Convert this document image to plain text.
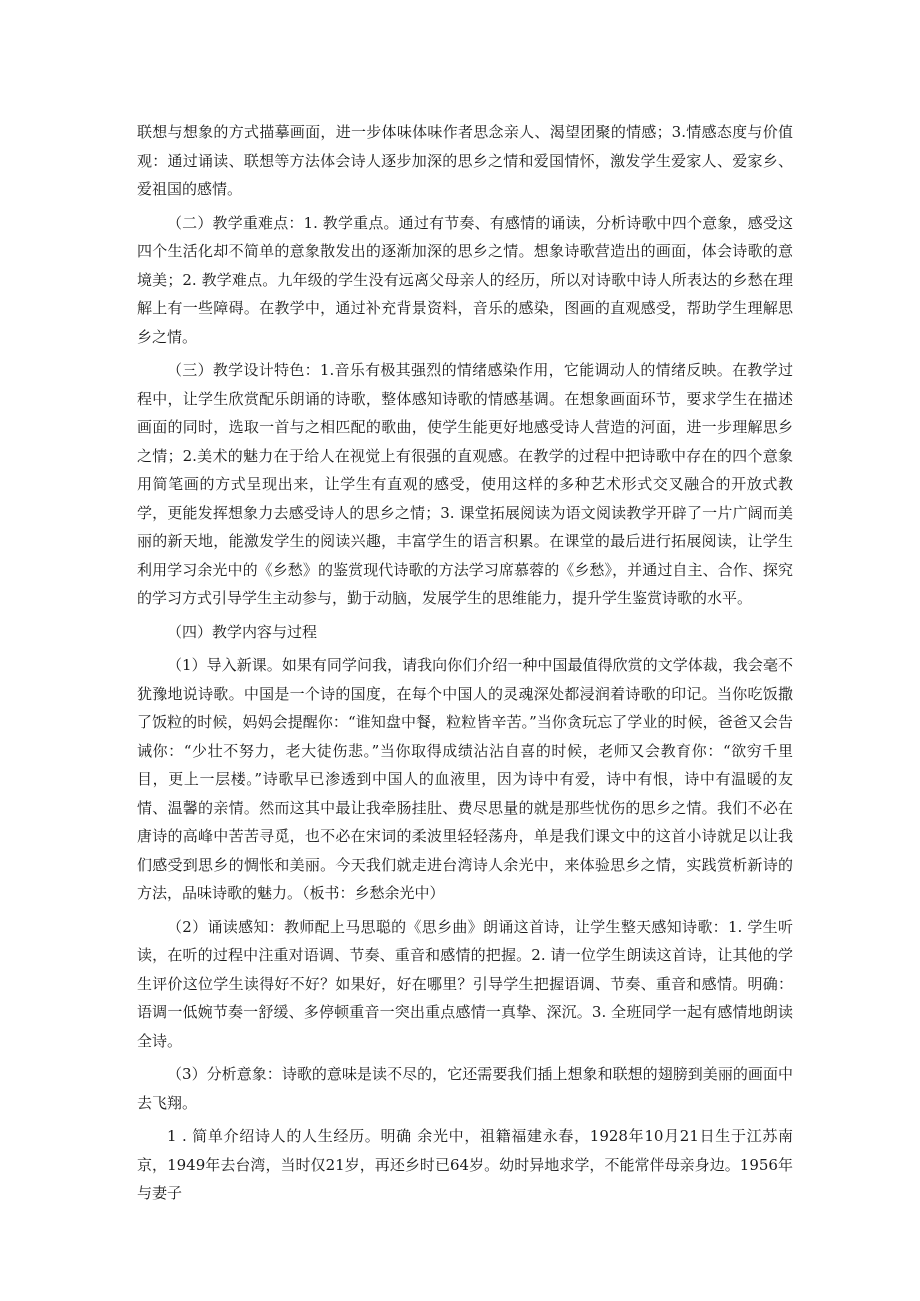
联想与想象的方式描摹画面，进一步体味体味作者思念亲人、渴望团聚的情感；3.情感态度与价值观：通过诵读、联想等方法体会诗人逐步加深的思乡之情和爱国情怀，激发学生爱家人、爱家乡、爱祖国的感情。

（二）教学重难点：1. 教学重点。通过有节奏、有感情的诵读，分析诗歌中四个意象，感受这四个生活化却不简单的意象散发出的逐渐加深的思乡之情。想象诗歌营造出的画面，体会诗歌的意境美；2. 教学难点。九年级的学生没有远离父母亲人的经历，所以对诗歌中诗人所表达的乡愁在理解上有一些障碍。在教学中，通过补充背景资料，音乐的感染，图画的直观感受，帮助学生理解思乡之情。

（三）教学设计特色：1.音乐有极其强烈的情绪感染作用，它能调动人的情绪反映。在教学过程中，让学生欣赏配乐朗诵的诗歌，整体感知诗歌的情感基调。在想象画面环节，要求学生在描述画面的同时，选取一首与之相匹配的歌曲，使学生能更好地感受诗人营造的河面，进一步理解思乡之情；2.美术的魅力在于给人在视觉上有很强的直观感。在教学的过程中把诗歌中存在的四个意象用简笔画的方式呈现出来，让学生有直观的感受，使用这样的多种艺术形式交叉融合的开放式教学，更能发挥想象力去感受诗人的思乡之情；3. 课堂拓展阅读为语文阅读教学开辟了一片广阔而美丽的新天地，能激发学生的阅读兴趣，丰富学生的语言积累。在课堂的最后进行拓展阅读，让学生利用学习余光中的《乡愁》的鉴赏现代诗歌的方法学习席慕蓉的《乡愁》，并通过自主、合作、探究的学习方式引导学生主动参与，勤于动脑，发展学生的思维能力，提升学生鉴赏诗歌的水平。

（四）教学内容与过程

（1）导入新课。如果有同学问我，请我向你们介绍一种中国最值得欣赏的文学体裁，我会毫不犹豫地说诗歌。中国是一个诗的国度，在每个中国人的灵魂深处都浸润着诗歌的印记。当你吃饭撒了饭粒的时候，妈妈会提醒你：“谁知盘中餐，粒粒皆辛苦。”当你贪玩忘了学业的时候，爸爸又会告诫你：“少壮不努力，老大徒伤悲。”当你取得成绩沾沾自喜的时候，老师又会教育你：“欲穷千里目，更上一层楼。”诗歌早已渗透到中国人的血液里，因为诗中有爱，诗中有恨，诗中有温暖的友情、温馨的亲情。然而这其中最让我牵肠挂肚、费尽思量的就是那些忧伤的思乡之情。我们不必在唐诗的高峰中苦苦寻觅，也不必在宋词的柔波里轻轻荡舟，单是我们课文中的这首小诗就足以让我们感受到思乡的惆怅和美丽。今天我们就走进台湾诗人余光中，来体验思乡之情，实践赏析新诗的方法，品味诗歌的魅力。（板书：乡愁余光中）

（2）诵读感知：教师配上马思聪的《思乡曲》朗诵这首诗，让学生整天感知诗歌：1. 学生听读，在听的过程中注重对语调、节奏、重音和感情的把握。2. 请一位学生朗读这首诗，让其他的学生评价这位学生读得好不好？如果好，好在哪里？引导学生把握语调、节奏、重音和感情。明确：语调一低婉节奏一舒缓、多停顿重音一突出重点感情一真挚、深沉。3. 全班同学一起有感情地朗读全诗。

（3）分析意象：诗歌的意味是读不尽的，它还需要我们插上想象和联想的翅膀到美丽的画面中去飞翔。

1 . 简单介绍诗人的人生经历。明确 余光中，祖籍福建永春，1928年10月21日生于江苏南京，1949年去台湾，当时仅21岁，再还乡时已64岁。幼时异地求学，不能常伴母亲身边。1956年与妻子
